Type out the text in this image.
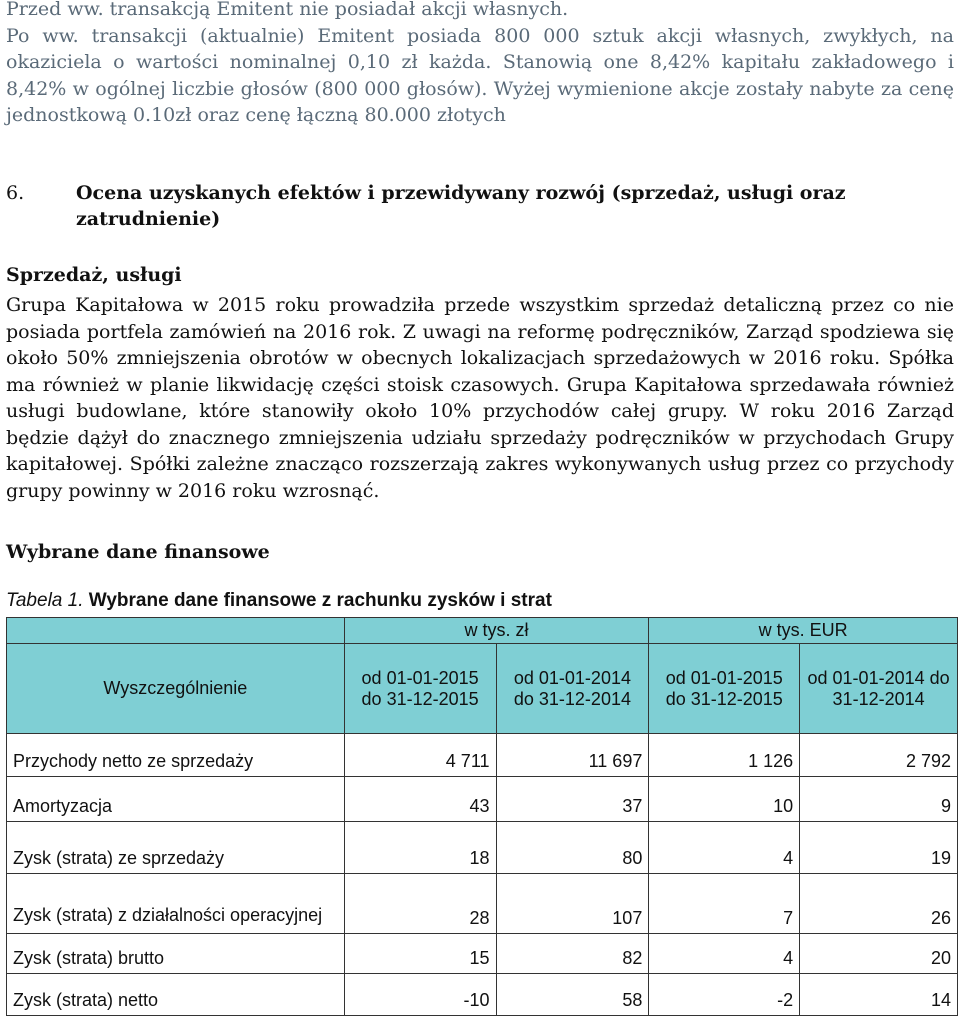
Przed ww. transakcją Emitent nie posiadał akcji własnych.

Po ww. transakcji (aktualnie) Emitent posiada 800 000 sztuk akcji własnych, zwykłych, na okaziciela o wartości nominalnej 0,10 zł każda. Stanowią one 8,42% kapitału zakładowego i 8,42% w ogólnej liczbie głosów (800 000 głosów). Wyżej wymienione akcje zostały nabyte za cenę jednostkową 0.10zł oraz cenę łączną 80.000 złotych

6.	Ocena uzyskanych efektów i przewidywany rozwój (sprzedaż, usługi oraz
zatrudnienie)
Sprzedaż, usługi

Grupa Kapitałowa w 2015 roku prowadziła przede wszystkim sprzedaż detaliczną przez co nie posiada portfela zamówień na 2016 rok. Z uwagi na reformę podręczników, Zarząd spodziewa się około 50% zmniejszenia obrotów w obecnych lokalizacjach sprzedażowych w 2016 roku. Spółka ma również w planie likwidację części stoisk czasowych. Grupa Kapitałowa sprzedawała również usługi budowlane, które stanowiły około 10% przychodów całej grupy. W roku 2016 Zarząd będzie dążył do znacznego zmniejszenia udziału sprzedaży podręczników w przychodach Grupy kapitałowej. Spółki zależne znacząco rozszerzają zakres wykonywanych usług przez co przychody grupy powinny w 2016 roku wzrosnąć.

Wybrane dane finansowe
Tabela 1. Wybrane dane finansowe z rachunku zysków i strat
	w tys. zł		w tys. EUR	
Wyszczególnienie	od 01-01-2015 do 31-12-2015	od 01-01-2014 do 31-12-2014	od 01-01-2015 do 31-12-2015	od 01-01-2014 do 31-12-2014
Przychody netto ze sprzedaży	4 711	11 697	1 126	2 792
Amortyzacja	43	37	10	9
Zysk (strata) ze sprzedaży	18	80	4	19
Zysk (strata) z działalności operacyjnej	28	107	7	26
Zysk (strata) brutto	15	82	4	20
Zysk (strata) netto	-10	58	-2	14
